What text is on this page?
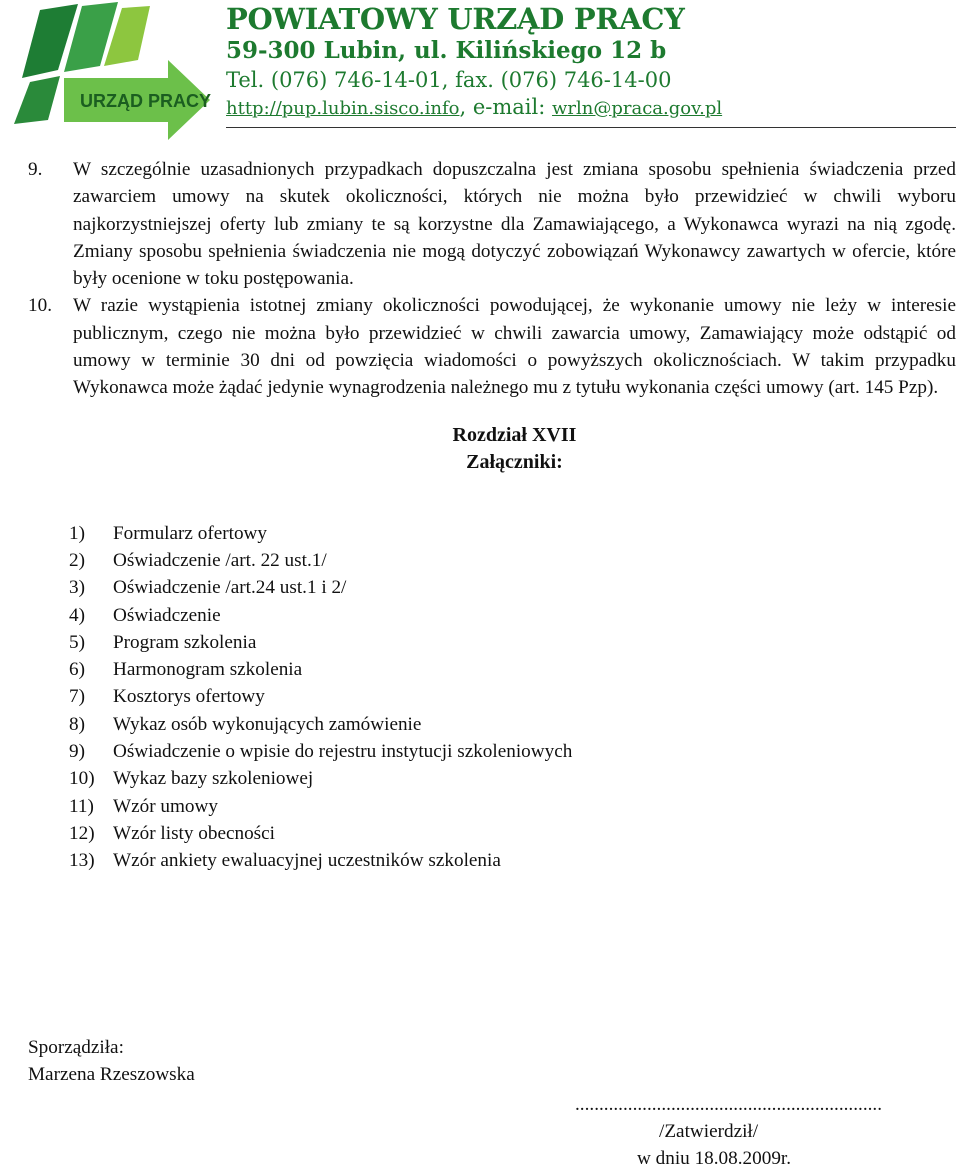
URZĄD PRACY
POWIATOWY URZĄD PRACY
59-300 Lubin, ul. Kilińskiego 12 b
Tel. (076) 746-14-01, fax. (076) 746-14-00
http://pup.lubin.sisco.info, e-mail: wrln@praca.gov.pl
9. W szczególnie uzasadnionych przypadkach dopuszczalna jest zmiana sposobu spełnienia świadczenia przed zawarciem umowy na skutek okoliczności, których nie można było przewidzieć w chwili wyboru najkorzystniejszej oferty lub zmiany te są korzystne dla Zamawiającego, a Wykonawca wyrazi na nią zgodę. Zmiany sposobu spełnienia świadczenia nie mogą dotyczyć zobowiązań Wykonawcy zawartych w ofercie, które były ocenione w toku postępowania.
10. W razie wystąpienia istotnej zmiany okoliczności powodującej, że wykonanie umowy nie leży w interesie publicznym, czego nie można było przewidzieć w chwili zawarcia umowy, Zamawiający może odstąpić od umowy w terminie 30 dni od powzięcia wiadomości o powyższych okolicznościach. W takim przypadku Wykonawca może żądać jedynie wynagrodzenia należnego mu z tytułu wykonania części umowy (art. 145 Pzp).
Rozdział XVII
Załączniki:
1)	Formularz ofertowy
2)	Oświadczenie /art. 22 ust.1/
3)	Oświadczenie /art.24 ust.1 i 2/
4)	Oświadczenie
5)	Program szkolenia
6)	Harmonogram szkolenia
7)	Kosztorys ofertowy
8)	Wykaz osób wykonujących zamówienie
9)	Oświadczenie o wpisie do rejestru instytucji szkoleniowych
10) Wykaz bazy szkoleniowej
11) Wzór umowy
12) Wzór listy obecności
13) Wzór ankiety ewaluacyjnej uczestników szkolenia
Sporządziła:
Marzena Rzeszowska
................................................................
/Zatwierdził/
w dniu 18.08.2009r.
